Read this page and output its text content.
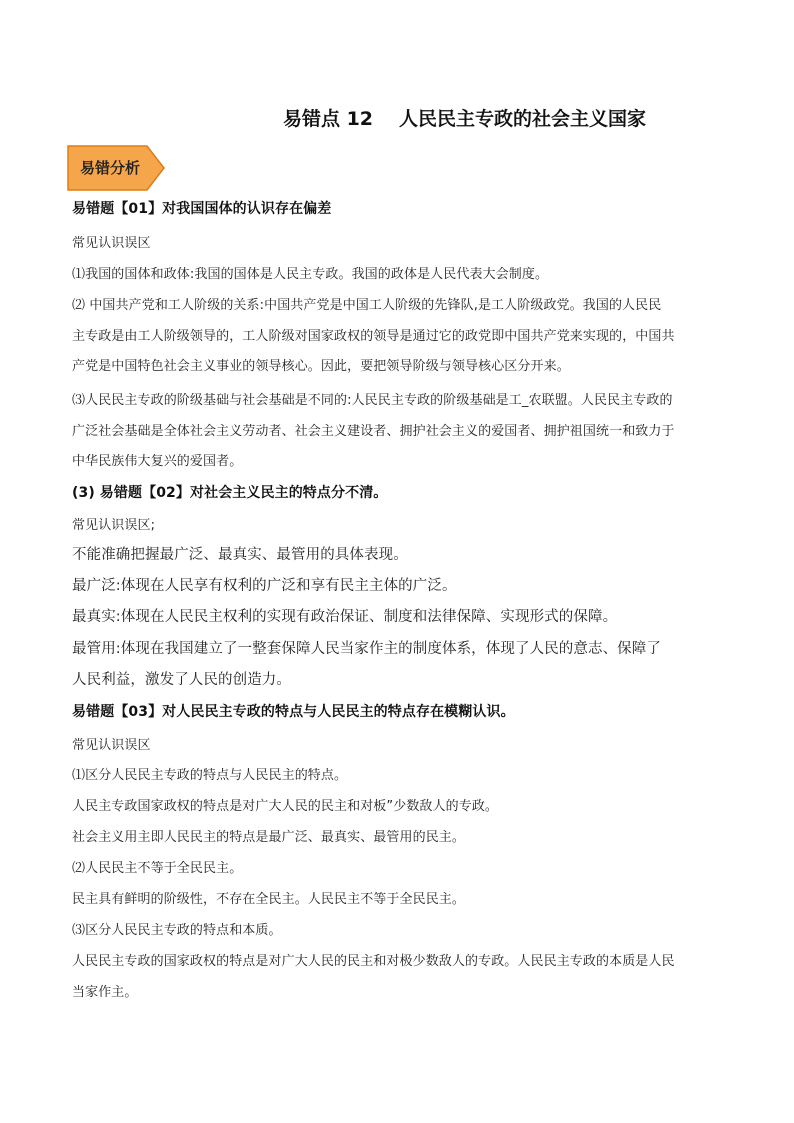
易错点 12 人民民主专政的社会主义国家
易错分析

易错题【01】对我国国体的认识存在偏差

常见认识误区

⑴我国的国体和政体:我国的国体是人民主专政。我国的政体是人民代表大会制度。

⑵ 中国共产党和工人阶级的关系:中国共产党是中国工人阶级的先锋队,是工人阶级政党。我国的人民民

主专政是由工人阶级领导的，工人阶级对国家政权的领导是通过它的政党即中国共产党来实现的，中国共

产党是中国特色社会主义事业的领导核心。因此，要把领导阶级与领导核心区分开来。

⑶人民民主专政的阶级基础与社会基础是不同的:人民民主专政的阶级基础是工_农联盟。人民民主专政的

广泛社会基础是全体社会主义劳动者、社会主义建设者、拥护社会主义的爱国者、拥护祖国统一和致力于

中华民族伟大复兴的爱国者。

(3) 易错题【02】对社会主义民主的特点分不清。

常见认识误区;

不能准确把握最广泛、最真实、最管用的具体表现。

最广泛:体现在人民享有权利的广泛和享有民主主体的广泛。

最真实:体现在人民民主权利的实现有政治保证、制度和法律保障、实现形式的保障。

最管用:体现在我国建立了一整套保障人民当家作主的制度体系，体现了人民的意志、保障了

人民利益，激发了人民的创造力。

易错题【03】对人民民主专政的特点与人民民主的特点存在模糊认识。

常见认识误区

⑴区分人民民主专政的特点与人民民主的特点。

人民主专政国家政权的特点是对广大人民的民主和对板”少数敌人的专政。

社会主义用主即人民民主的特点是最广泛、最真实、最管用的民主。

⑵人民民主不等于全民民主。

民主具有鲜明的阶级性，不存在全民主。人民民主不等于全民民主。

⑶区分人民民主专政的特点和本质。

人民民主专政的国家政权的特点是对广大人民的民主和对极少数敌人的专政。人民民主专政的本质是人民

当家作主。
